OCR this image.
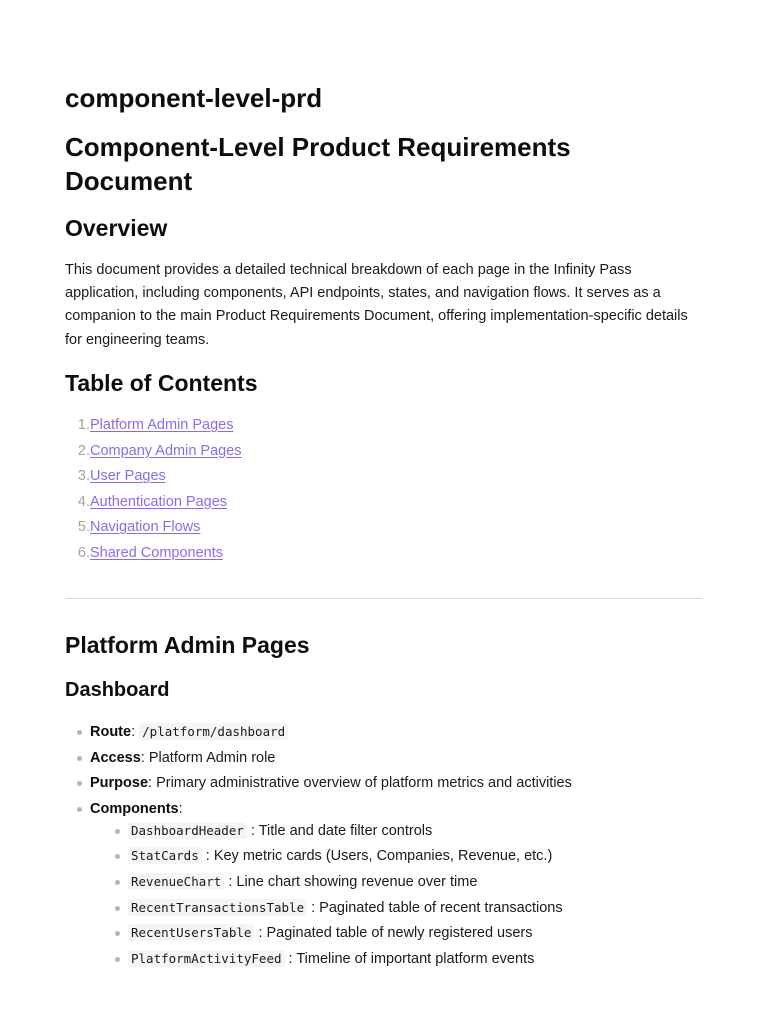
component-level-prd
Component-Level Product Requirements Document
Overview

This document provides a detailed technical breakdown of each page in the Infinity Pass application, including components, API endpoints, states, and navigation flows. It serves as a companion to the main Product Requirements Document, offering implementation-specific details for engineering teams.

Table of Contents
1. Platform Admin Pages
2. Company Admin Pages
3. User Pages
4. Authentication Pages
5. Navigation Flows
6. Shared Components
Platform Admin Pages
Dashboard
Route: /platform/dashboard
Access: Platform Admin role
Purpose: Primary administrative overview of platform metrics and activities
Components:
DashboardHeader : Title and date filter controls
StatCards : Key metric cards (Users, Companies, Revenue, etc.)
RevenueChart : Line chart showing revenue over time
RecentTransactionsTable : Paginated table of recent transactions
RecentUsersTable : Paginated table of newly registered users
PlatformActivityFeed : Timeline of important platform events
